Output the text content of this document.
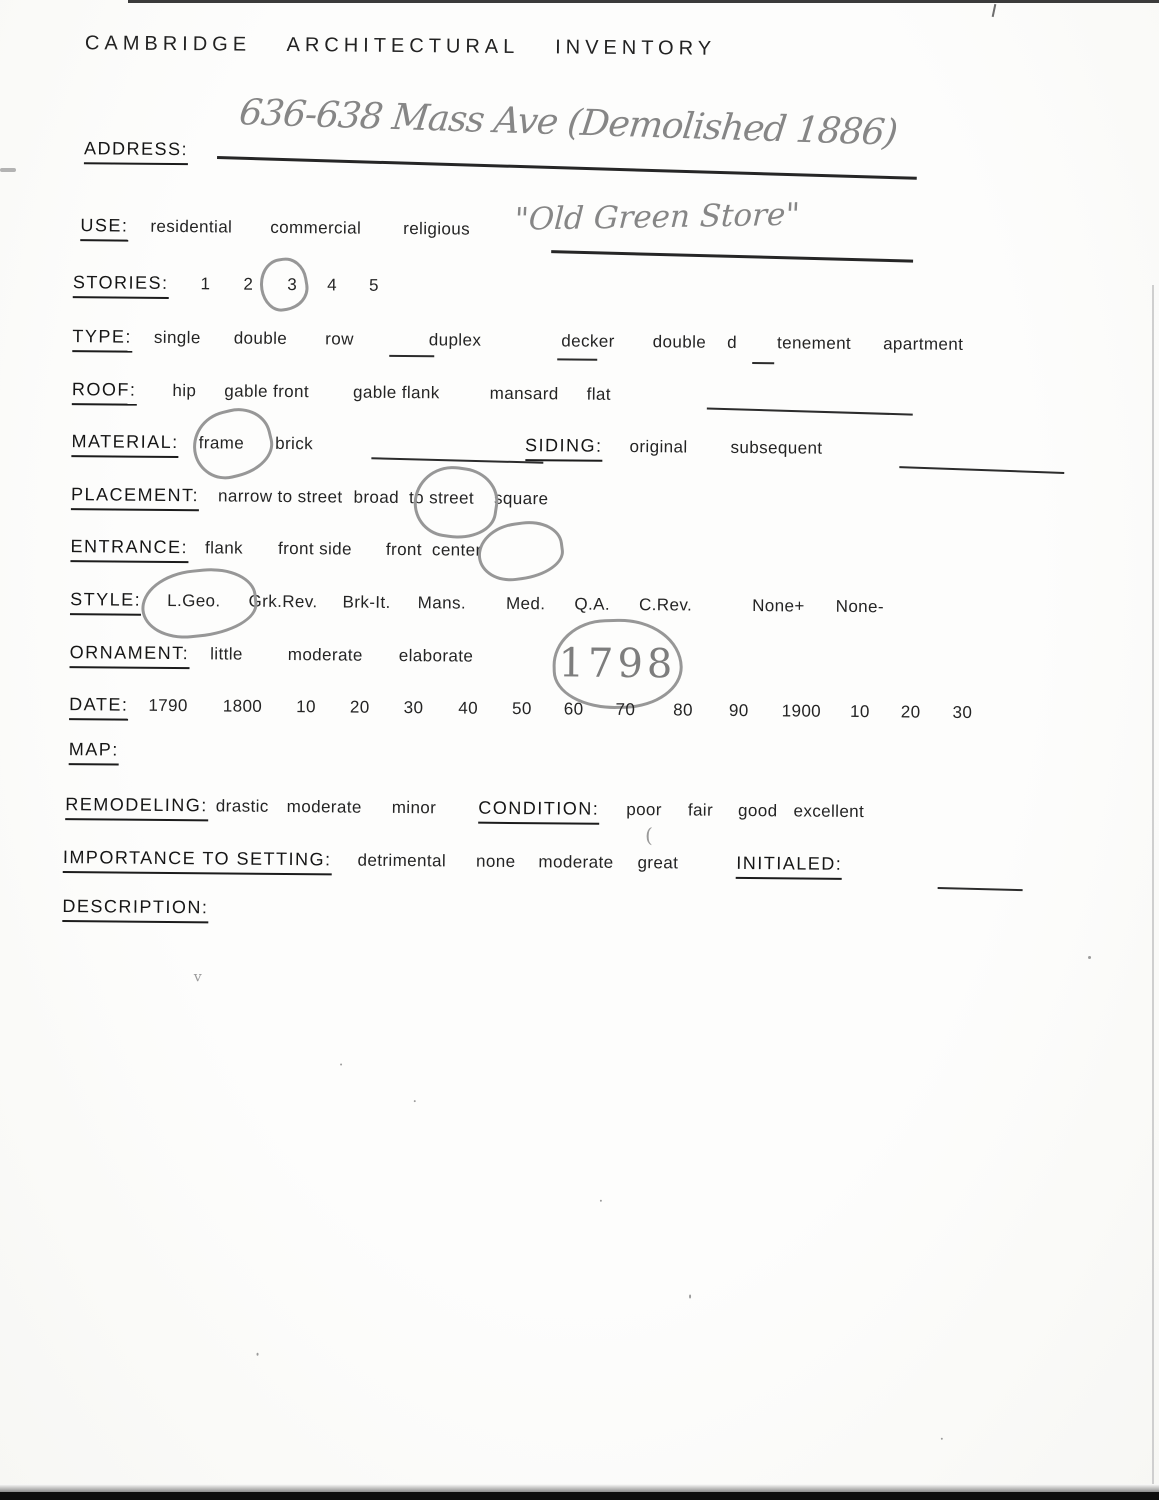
CAMBRIDGE ARCHITECTURAL INVENTORY
ADDRESS: 636-638 Mass Ave (Demolished 1886)
USE: residential commercial religious "Old Green Store"
STORIES: 1 2 3 4 5
TYPE: single double row	duplex	decker double d tenement apartment
ROOF: hip gable front	gable flank	mansard flat
MATERIAL: frame brick	SIDING: original	subsequent
PLACEMENT: narrow to street broad to street square
ENTRANCE: flank front side front center
STYLE: L.Geo. Grk.Rev. Brk-It. Mans. Med. Q.A. C.Rev.	None+ None-
ORNAMENT: little	moderate elaborate 1798
DATE: 1790 1800 10 20 30 40 50 60 70 80 90 1900 10 20 30
MAP:
REMODELING: drastic moderate minor CONDITION: poor fair good excellent
(
IMPORTANCE TO SETTING: detrimental none moderate great	INITIALED:
DESCRIPTION:
v
